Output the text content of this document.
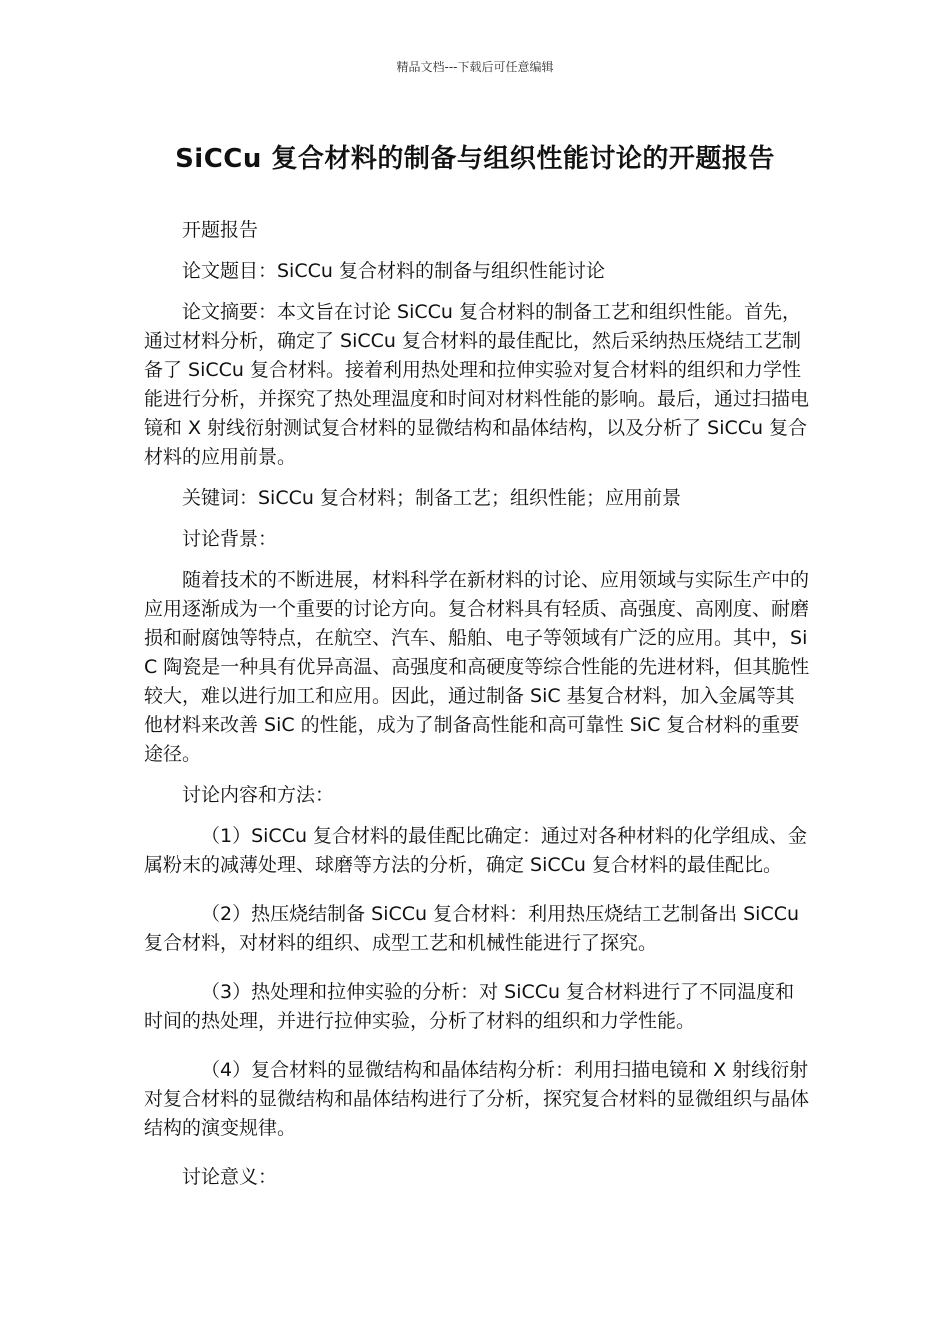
精品文档---下载后可任意编辑
SiCCu 复合材料的制备与组织性能讨论的开题报告

开题报告

论文题目：SiCCu 复合材料的制备与组织性能讨论

论文摘要：本文旨在讨论 SiCCu 复合材料的制备工艺和组织性能。首先，通过材料分析，确定了 SiCCu 复合材料的最佳配比，然后采纳热压烧结工艺制备了 SiCCu 复合材料。接着利用热处理和拉伸实验对复合材料的组织和力学性能进行分析，并探究了热处理温度和时间对材料性能的影响。最后，通过扫描电镜和 X 射线衍射测试复合材料的显微结构和晶体结构，以及分析了 SiCCu 复合材料的应用前景。

关键词：SiCCu 复合材料；制备工艺；组织性能；应用前景

讨论背景：

随着技术的不断进展，材料科学在新材料的讨论、应用领域与实际生产中的应用逐渐成为一个重要的讨论方向。复合材料具有轻质、高强度、高刚度、耐磨损和耐腐蚀等特点，在航空、汽车、船舶、电子等领域有广泛的应用。其中，SiC 陶瓷是一种具有优异高温、高强度和高硬度等综合性能的先进材料，但其脆性较大，难以进行加工和应用。因此，通过制备 SiC 基复合材料，加入金属等其他材料来改善 SiC 的性能，成为了制备高性能和高可靠性 SiC 复合材料的重要途径。

讨论内容和方法：

（1）SiCCu 复合材料的最佳配比确定：通过对各种材料的化学组成、金属粉末的减薄处理、球磨等方法的分析，确定 SiCCu 复合材料的最佳配比。

（2）热压烧结制备 SiCCu 复合材料：利用热压烧结工艺制备出 SiCCu 复合材料，对材料的组织、成型工艺和机械性能进行了探究。

（3）热处理和拉伸实验的分析：对 SiCCu 复合材料进行了不同温度和时间的热处理，并进行拉伸实验，分析了材料的组织和力学性能。

（4）复合材料的显微结构和晶体结构分析：利用扫描电镜和 X 射线衍射对复合材料的显微结构和晶体结构进行了分析，探究复合材料的显微组织与晶体结构的演变规律。

讨论意义：
